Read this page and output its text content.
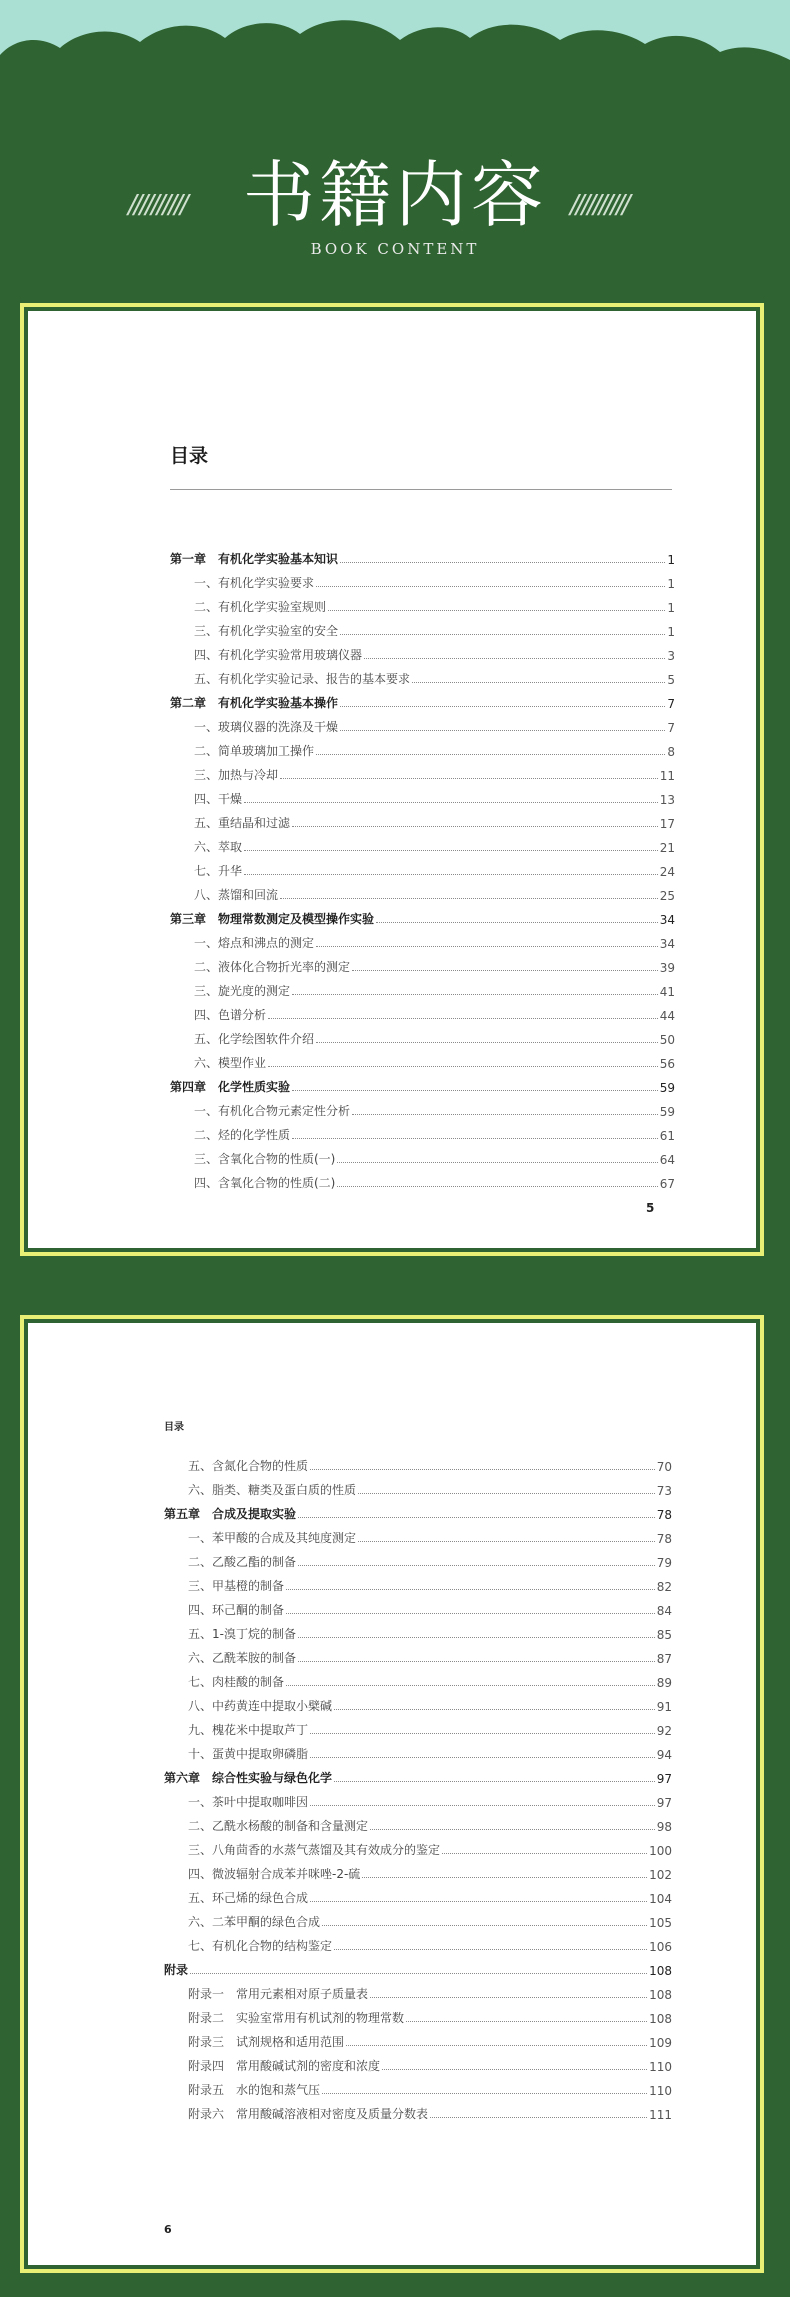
////////// 书籍内容 //////////
BOOK CONTENT
目录
第一章　有机化学实验基本知识	1
一、有机化学实验要求	1
二、有机化学实验室规则	1
三、有机化学实验室的安全	1
四、有机化学实验常用玻璃仪器	3
五、有机化学实验记录、报告的基本要求	5
第二章　有机化学实验基本操作	7
一、玻璃仪器的洗涤及干燥	7
二、简单玻璃加工操作	8
三、加热与冷却	11
四、干燥	13
五、重结晶和过滤	17
六、萃取	21
七、升华	24
八、蒸馏和回流	25
第三章　物理常数测定及模型操作实验	34
一、熔点和沸点的测定	34
二、液体化合物折光率的测定	39
三、旋光度的测定	41
四、色谱分析	44
五、化学绘图软件介绍	50
六、模型作业	56
第四章　化学性质实验	59
一、有机化合物元素定性分析	59
二、烃的化学性质	61
三、含氧化合物的性质(一)	64
四、含氧化合物的性质(二)	67
5
目录
五、含氮化合物的性质	70
六、脂类、糖类及蛋白质的性质	73
第五章　合成及提取实验	78
一、苯甲酸的合成及其纯度测定	78
二、乙酸乙酯的制备	79
三、甲基橙的制备	82
四、环己酮的制备	84
五、1-溴丁烷的制备	85
六、乙酰苯胺的制备	87
七、肉桂酸的制备	89
八、中药黄连中提取小檗碱	91
九、槐花米中提取芦丁	92
十、蛋黄中提取卵磷脂	94
第六章　综合性实验与绿色化学	97
一、茶叶中提取咖啡因	97
二、乙酰水杨酸的制备和含量测定	98
三、八角茴香的水蒸气蒸馏及其有效成分的鉴定	100
四、微波辐射合成苯并咪唑-2-硫	102
五、环己烯的绿色合成	104
六、二苯甲酮的绿色合成	105
七、有机化合物的结构鉴定	106
附录	108
附录一　常用元素相对原子质量表	108
附录二　实验室常用有机试剂的物理常数	108
附录三　试剂规格和适用范围	109
附录四　常用酸碱试剂的密度和浓度	110
附录五　水的饱和蒸气压	110
附录六　常用酸碱溶液相对密度及质量分数表	111
6
